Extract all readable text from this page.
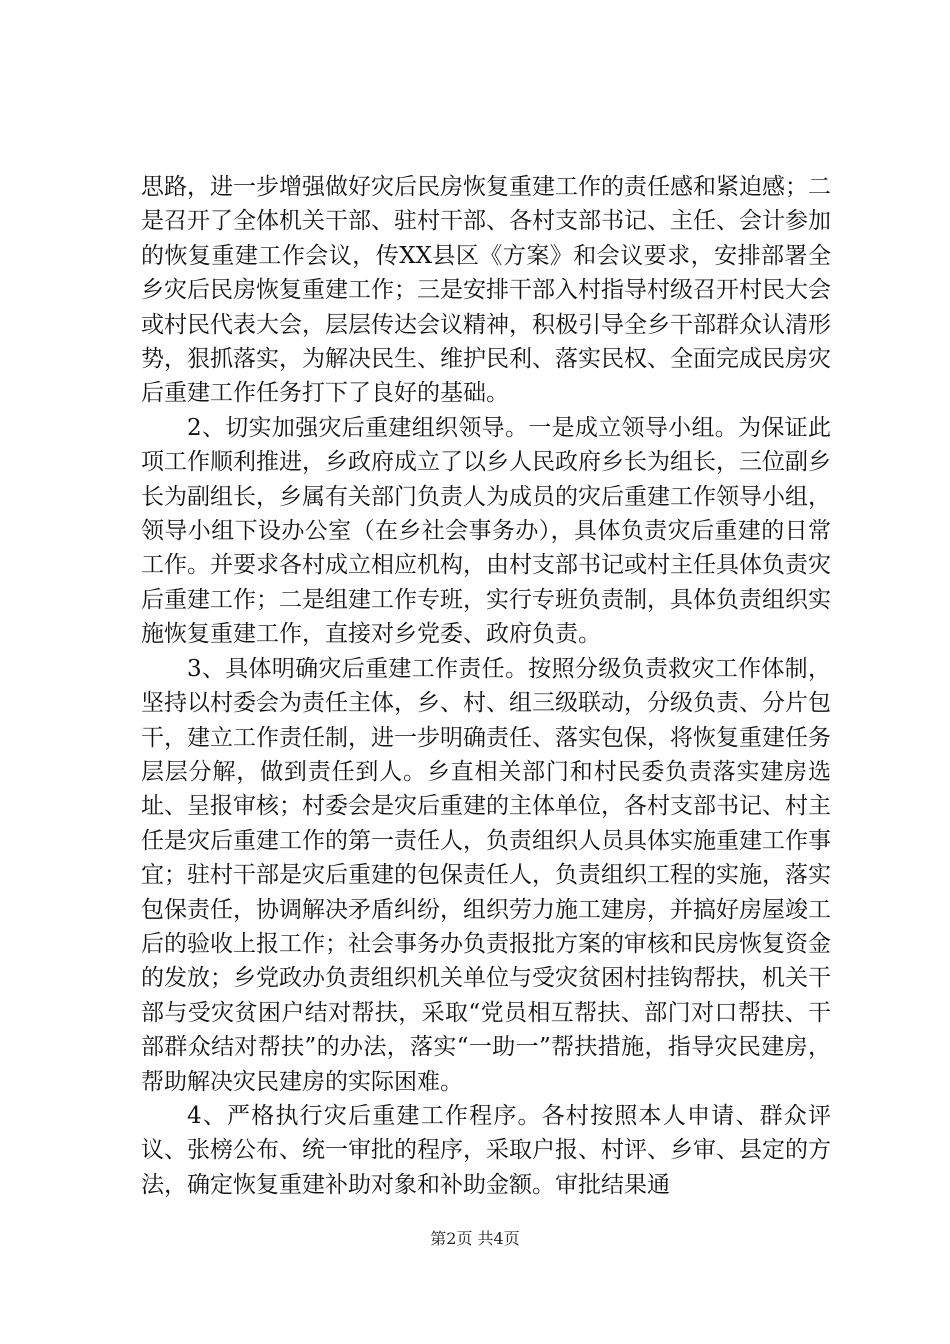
思路，进一步增强做好灾后民房恢复重建工作的责任感和紧迫感；二是召开了全体机关干部、驻村干部、各村支部书记、主任、会计参加的恢复重建工作会议，传XX县区《方案》和会议要求，安排部署全乡灾后民房恢复重建工作；三是安排干部入村指导村级召开村民大会或村民代表大会，层层传达会议精神，积极引导全乡干部群众认清形势，狠抓落实，为解决民生、维护民利、落实民权、全面完成民房灾后重建工作任务打下了良好的基础。

2、切实加强灾后重建组织领导。一是成立领导小组。为保证此项工作顺利推进，乡政府成立了以乡人民政府乡长为组长，三位副乡长为副组长，乡属有关部门负责人为成员的灾后重建工作领导小组，领导小组下设办公室（在乡社会事务办），具体负责灾后重建的日常工作。并要求各村成立相应机构，由村支部书记或村主任具体负责灾后重建工作；二是组建工作专班，实行专班负责制，具体负责组织实施恢复重建工作，直接对乡党委、政府负责。

3、具体明确灾后重建工作责任。按照分级负责救灾工作体制，坚持以村委会为责任主体，乡、村、组三级联动，分级负责、分片包干，建立工作责任制，进一步明确责任、落实包保，将恢复重建任务层层分解，做到责任到人。乡直相关部门和村民委负责落实建房选址、呈报审核；村委会是灾后重建的主体单位，各村支部书记、村主任是灾后重建工作的第一责任人，负责组织人员具体实施重建工作事宜；驻村干部是灾后重建的包保责任人，负责组织工程的实施，落实包保责任，协调解决矛盾纠纷，组织劳力施工建房，并搞好房屋竣工后的验收上报工作；社会事务办负责报批方案的审核和民房恢复资金的发放；乡党政办负责组织机关单位与受灾贫困村挂钩帮扶，机关干部与受灾贫困户结对帮扶，采取“党员相互帮扶、部门对口帮扶、干部群众结对帮扶”的办法，落实“一助一”帮扶措施，指导灾民建房，帮助解决灾民建房的实际困难。

4、严格执行灾后重建工作程序。各村按照本人申请、群众评议、张榜公布、统一审批的程序，采取户报、村评、乡审、县定的方法，确定恢复重建补助对象和补助金额。审批结果通

第2页 共4页
